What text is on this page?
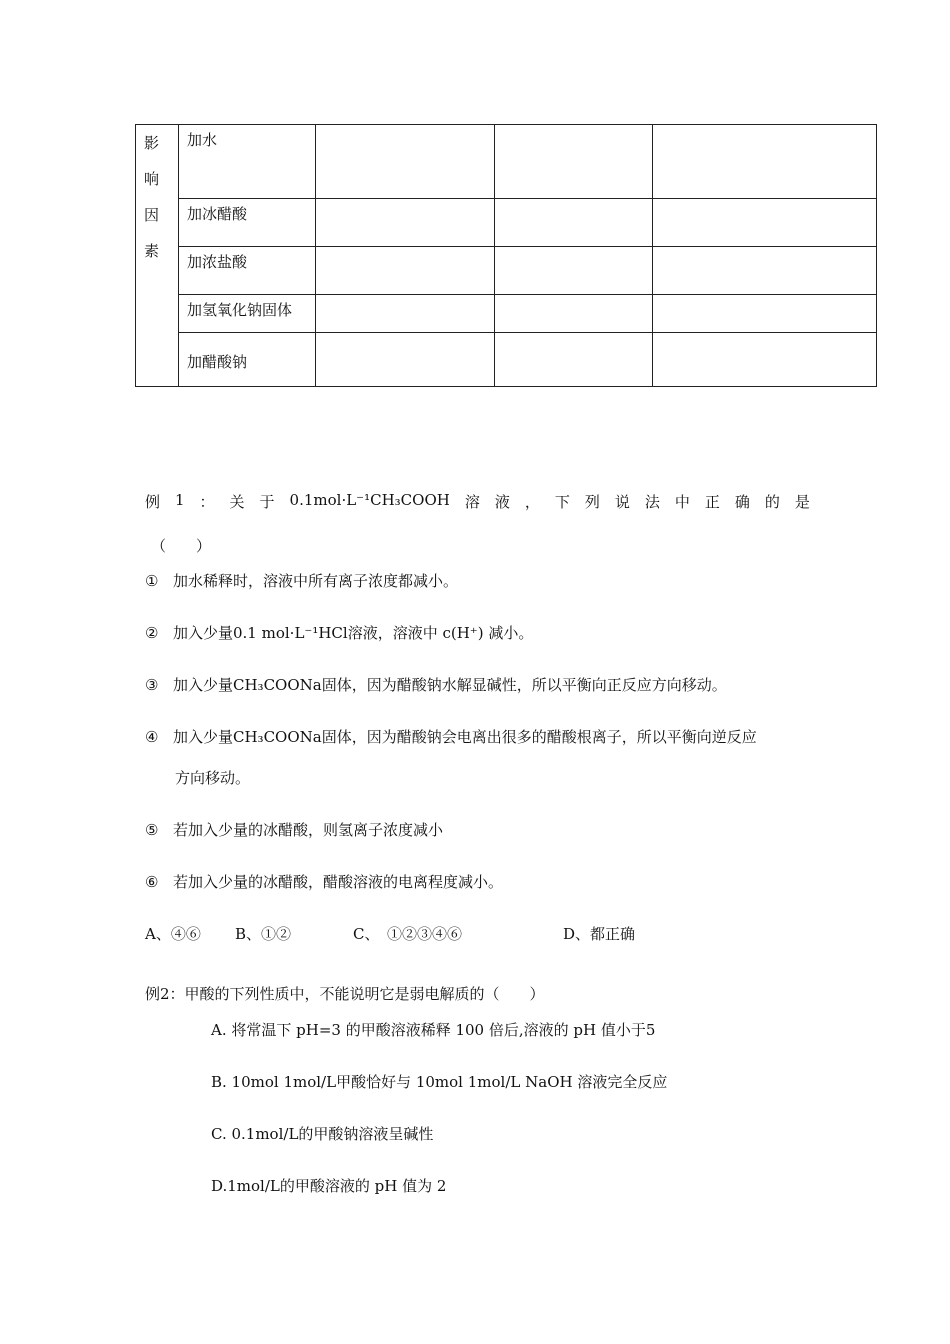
影
响
因
素	加水			

	加冰醋酸			

	加浓盐酸			

	加氢氧化钠固体			

	加醋酸钠			

例 1 ： 关 于 0.1mol·L⁻¹CH₃COOH 溶 液 ， 下 列 说 法 中 正 确 的 是
（　　）
① 加水稀释时，溶液中所有离子浓度都减小。
② 加入少量0.1 mol·L⁻¹HCl溶液，溶液中 c(H⁺) 减小。
③ 加入少量CH₃COONa固体，因为醋酸钠水解显碱性，所以平衡向正反应方向移动。
④ 加入少量CH₃COONa固体，因为醋酸钠会电离出很多的醋酸根离子，所以平衡向逆反应
方向移动。
⑤ 若加入少量的冰醋酸，则氢离子浓度减小
⑥ 若加入少量的冰醋酸，醋酸溶液的电离程度减小。
A、④⑥ B、①②	C、　①②③④⑥	D、都正确
例2：甲酸的下列性质中，不能说明它是弱电解质的（　　）
A. 将常温下 pH=3 的甲酸溶液稀释 100 倍后,溶液的 pH 值小于5
B. 10mol 1mol/L甲酸恰好与 10mol 1mol/L NaOH 溶液完全反应
C. 0.1mol/L的甲酸钠溶液呈碱性
D.1mol/L的甲酸溶液的 pH 值为 2
